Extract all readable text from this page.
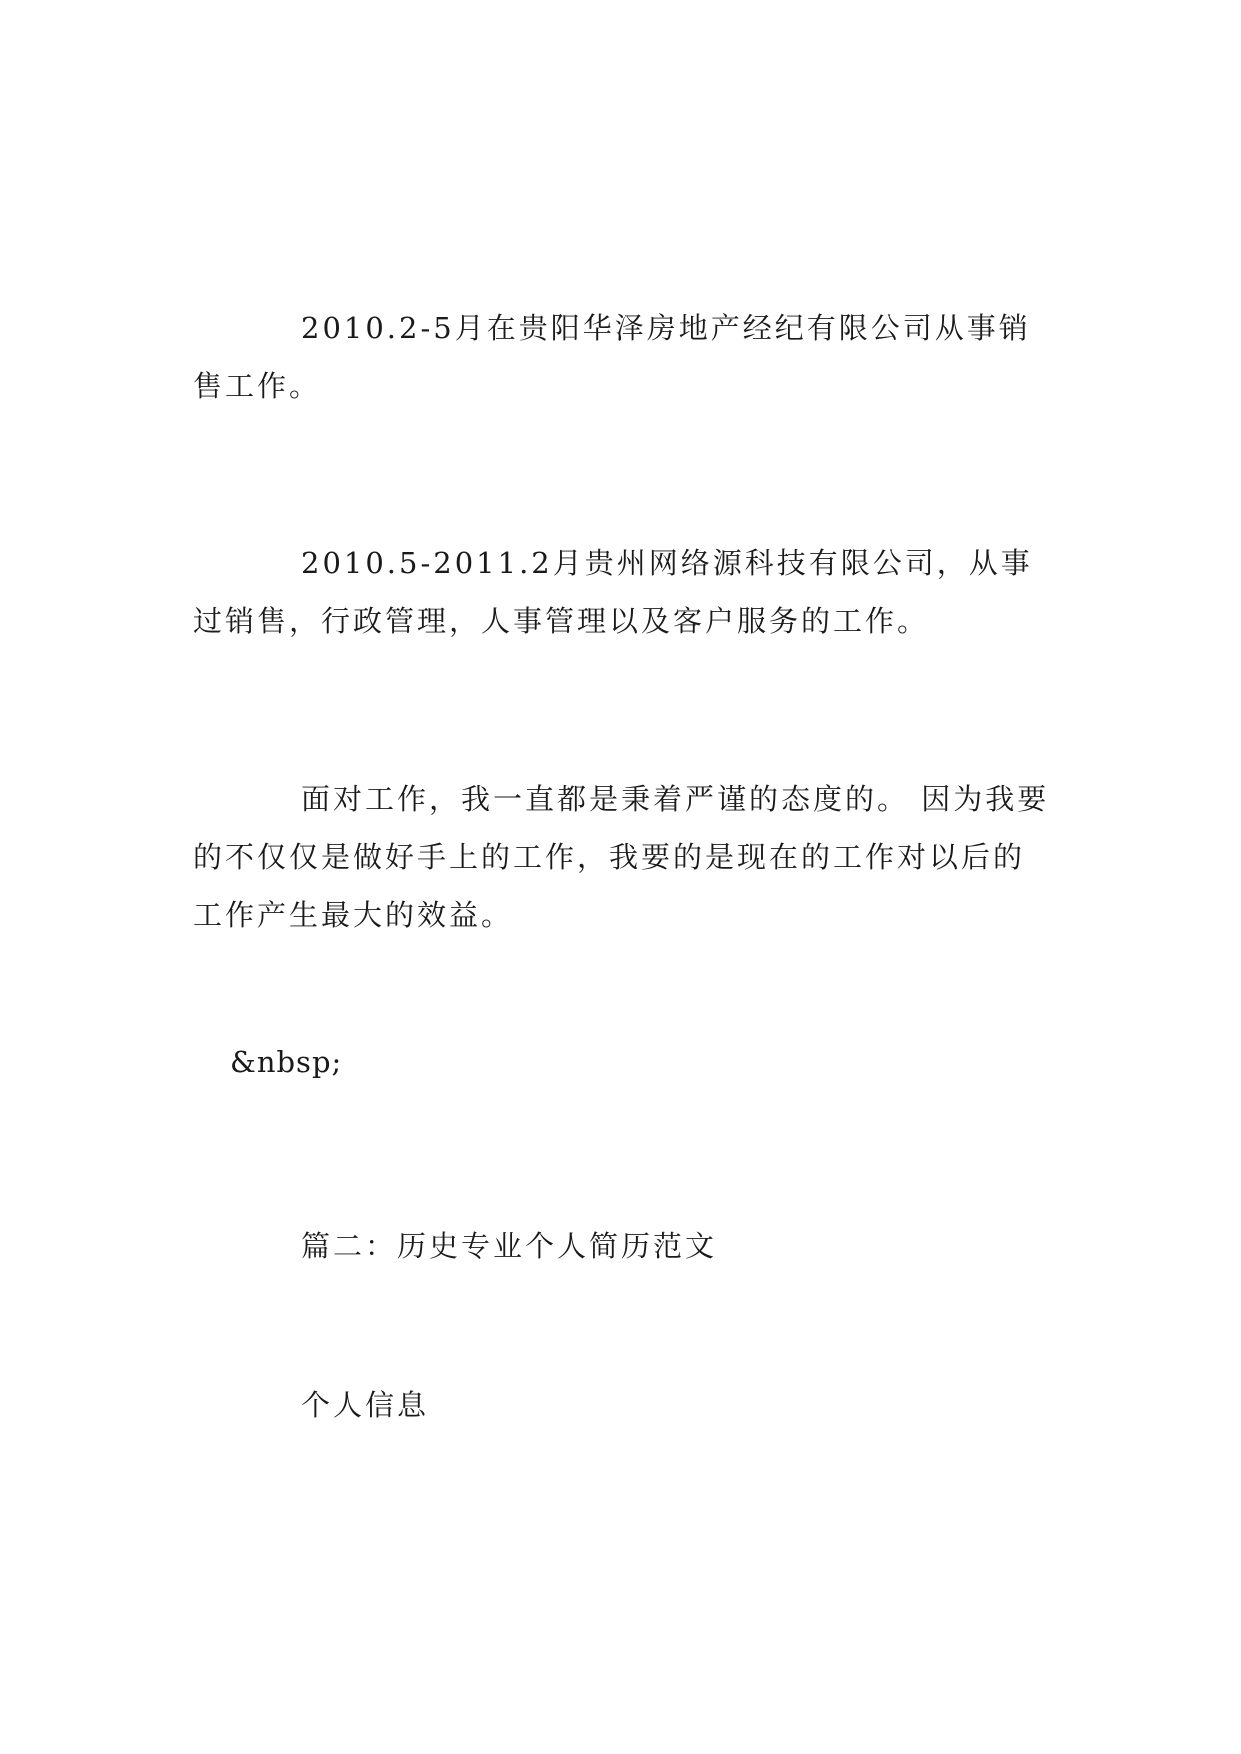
2010.2-5月在贵阳华泽房地产经纪有限公司从事销售工作。

2010.5-2011.2月贵州网络源科技有限公司，从事过销售，行政管理，人事管理以及客户服务的工作。

面对工作，我一直都是秉着严谨的态度的。 因为我要的不仅仅是做好手上的工作，我要的是现在的工作对以后的工作产生最大的效益。

&nbsp;
篇二：历史专业个人简历范文
个人信息
